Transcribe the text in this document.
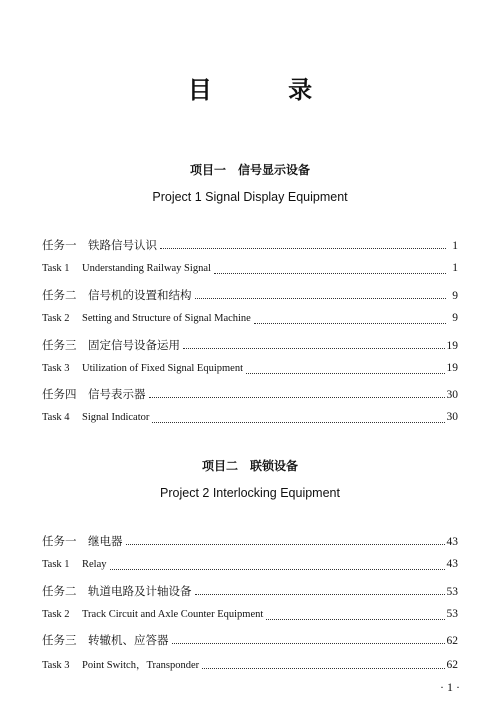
目 录
项目一　信号显示设备
Project 1 Signal Display Equipment
任务一 铁路信号认识	1
Task 1 Understanding Railway Signal	1
任务二 信号机的设置和结构	9
Task 2 Setting and Structure of Signal Machine	9
任务三 固定信号设备运用	19
Task 3 Utilization of Fixed Signal Equipment	19
任务四 信号表示器	30
Task 4 Signal Indicator	30
项目二　联锁设备
Project 2 Interlocking Equipment
任务一 继电器	43
Task 1 Relay	43
任务二 轨道电路及计轴设备	53
Task 2 Track Circuit and Axle Counter Equipment	53
任务三 转辙机、应答器	62
Task 3 Point Switch，Transponder	62
· 1 ·
